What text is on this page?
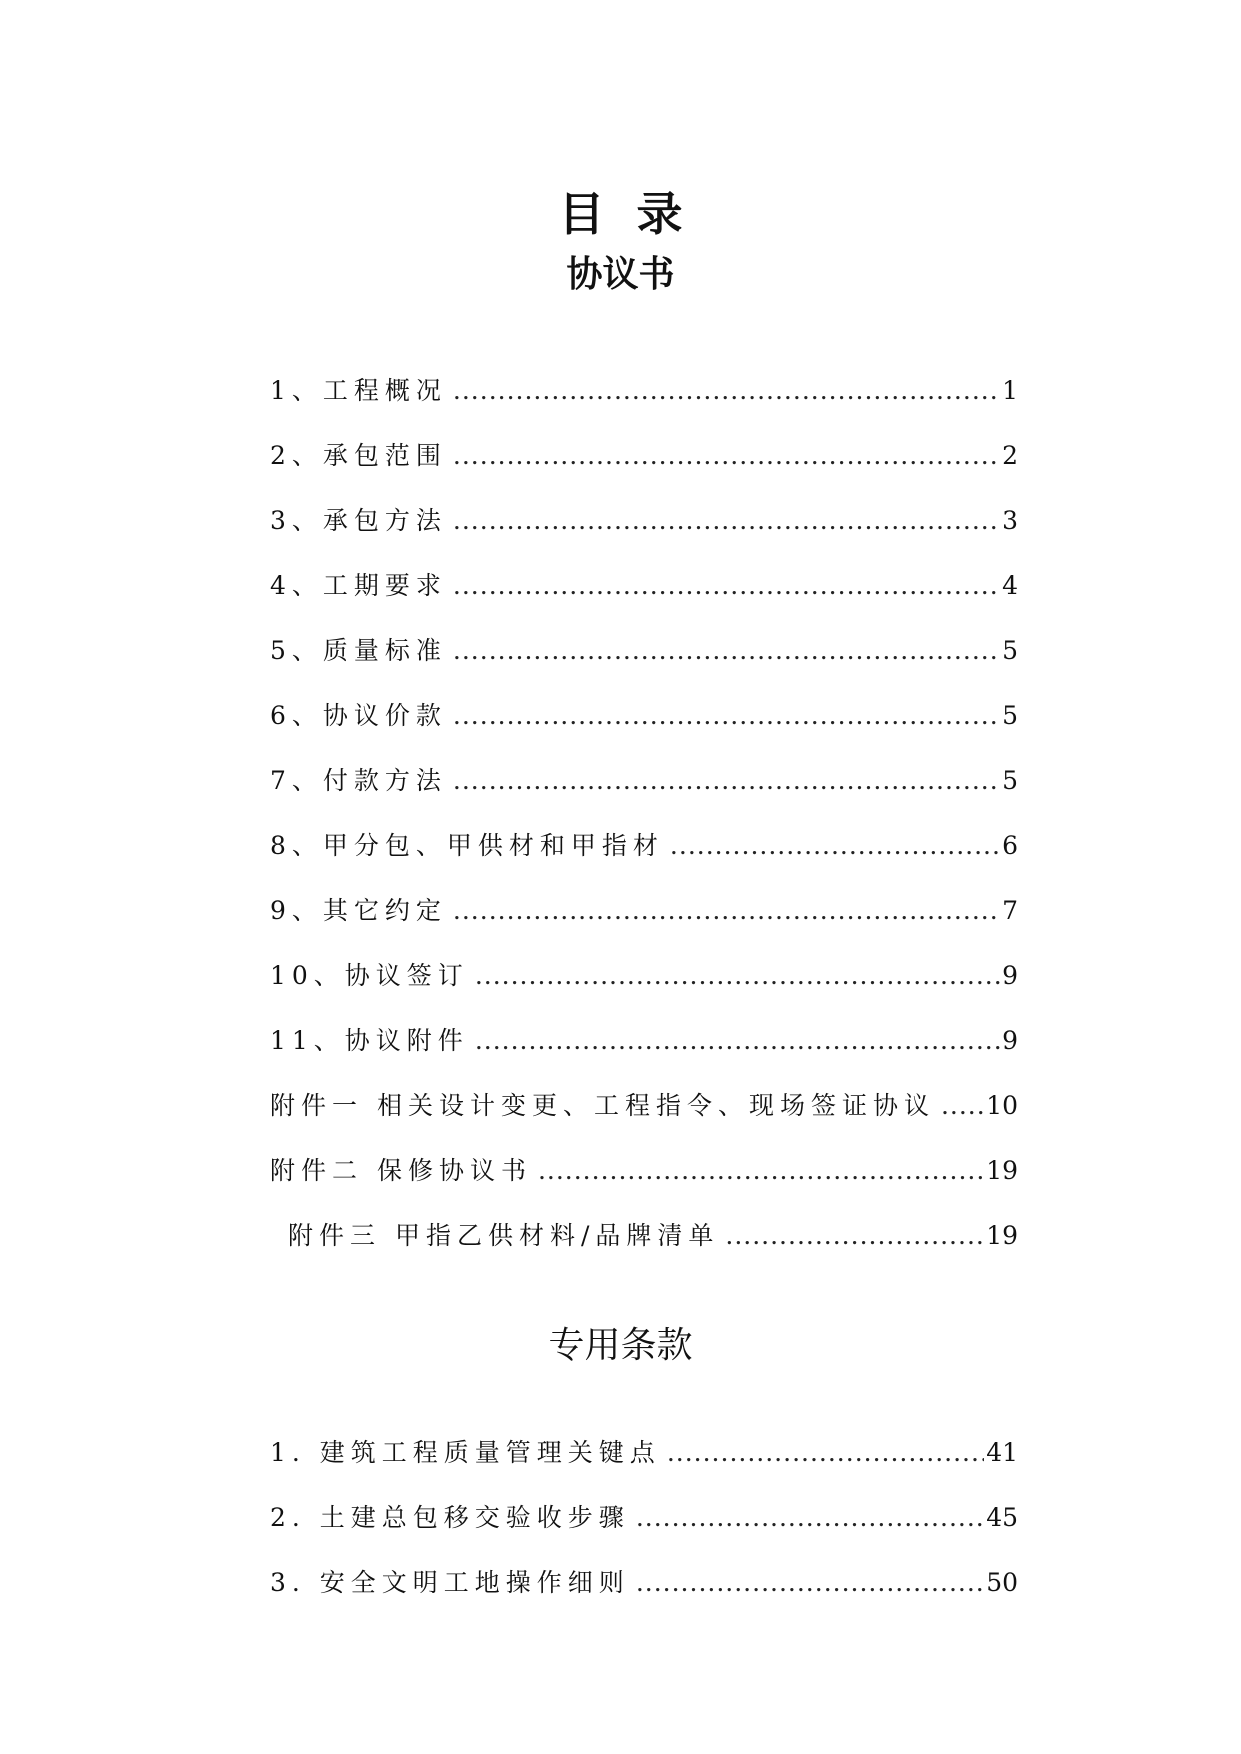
目录
协议书
1、工程概况 .....	1
2、承包范围 .....	2
3、承包方法 .....	3
4、工期要求 .....	4
5、质量标准 .....	5
6、协议价款 .....	5
7、付款方法 .....	5
8、甲分包、甲供材和甲指材 .....	6
9、其它约定 .....	7
10、协议签订 .....	9
11、协议附件 .....	9
附件一 相关设计变更、工程指令、现场签证协议 ..... 10
附件二 保修协议书 .....	19
附件三 甲指乙供材料/品牌清单 .....	19
专用条款
1. 建筑工程质量管理关键点 .....	41
2. 土建总包移交验收步骤 .....	45
3. 安全文明工地操作细则 .....	50
